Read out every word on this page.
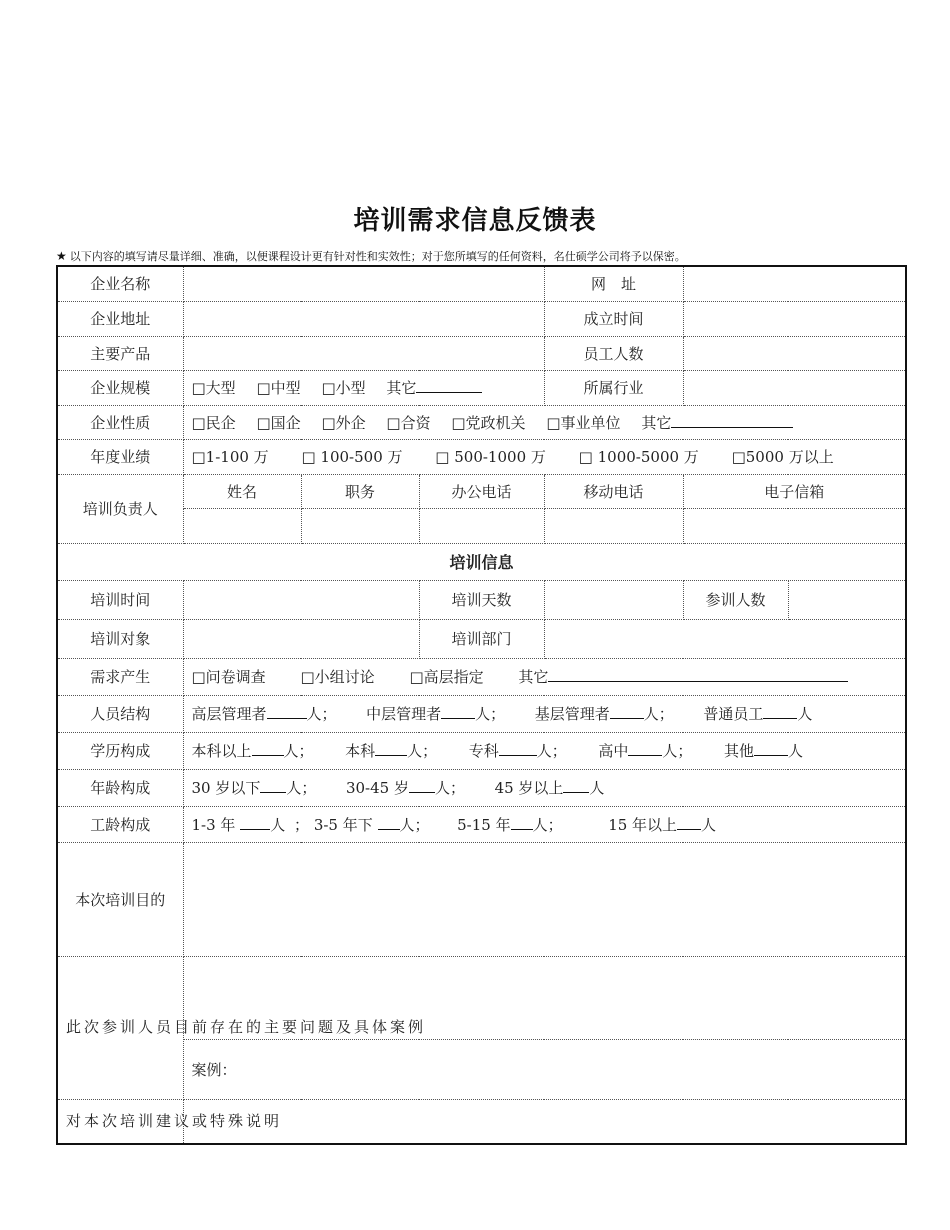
培训需求信息反馈表
★ 以下内容的填写请尽量详细、准确，以便课程设计更有针对性和实效性；对于您所填写的任何资料，名仕硕学公司将予以保密。
企业名称				网　址		
企业地址				成立时间		
主要产品				员工人数		
企业规模	□大型 □中型 □小型 其它			所属行业		
企业性质	□民企 □国企 □外企 □合资 □党政机关 □事业单位 其它					
年度业绩	□1-100 万 □ 100-500 万 □ 500-1000 万 □ 1000-5000 万 □5000 万以上					
培训负责人	姓名	职务	办公电话	移动电话	电子信箱	

培训信息						
培训时间			培训天数		参训人数	
培训对象			培训部门			
需求产生	□问卷调查 □小组讨论 □高层指定 其它					
人员结构	高层管理者 人； 中层管理者 人； 基层管理者 人； 普通员工 人					
学历构成	本科以上 人； 本科 人； 专科 人； 高中 人； 其他 人					
年龄构成	30 岁以下 人； 30-45 岁 人； 45 岁以上 人					
工龄构成	1-3 年 人 ； 3-5 年下 人； 5-15 年 人； 15 年以上 人					
本次培训目的						
此次参训人员目前存在的主要问题及具体案例						
	案例：					
对本次培训建议或特殊说明						
